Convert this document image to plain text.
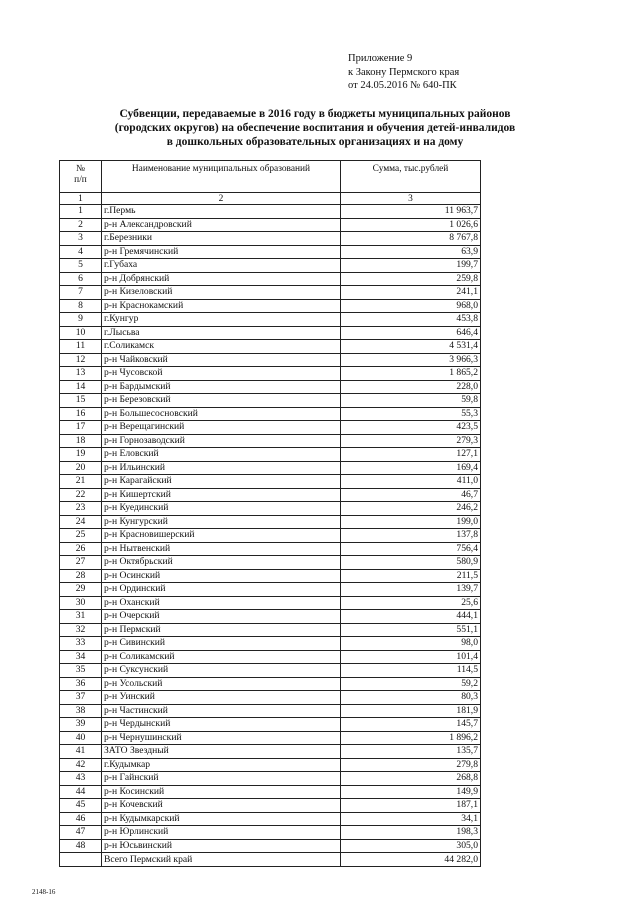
Приложение 9
к Закону Пермского края
от 24.05.2016 № 640-ПК
Субвенции, передаваемые в 2016 году в бюджеты муниципальных районов
(городских округов) на обеспечение воспитания и обучения детей-инвалидов
в дошкольных образовательных организациях и на дому
№
п/п	Наименование муниципальных образований	Сумма, тыс.рублей
1	2	3
1	г.Пермь	11 963,7
2	р-н Александровский	1 026,6
3	г.Березники	8 767,8
4	р-н Гремячинский	63,9
5	г.Губаха	199,7
6	р-н Добрянский	259,8
7	р-н Кизеловский	241,1
8	р-н Краснокамский	968,0
9	г.Кунгур	453,8
10	г.Лысьва	646,4
11	г.Соликамск	4 531,4
12	р-н Чайковский	3 966,3
13	р-н Чусовской	1 865,2
14	р-н Бардымский	228,0
15	р-н Березовский	59,8
16	р-н Большесосновский	55,3
17	р-н Верещагинский	423,5
18	р-н Горнозаводский	279,3
19	р-н Еловский	127,1
20	р-н Ильинский	169,4
21	р-н Карагайский	411,0
22	р-н Кишертский	46,7
23	р-н Куединский	246,2
24	р-н Кунгурский	199,0
25	р-н Красновишерский	137,8
26	р-н Нытвенский	756,4
27	р-н Октябрьский	580,9
28	р-н Осинский	211,5
29	р-н Ординский	139,7
30	р-н Оханский	25,6
31	р-н Очерский	444,1
32	р-н Пермский	551,1
33	р-н Сивинский	98,0
34	р-н Соликамский	101,4
35	р-н Суксунский	114,5
36	р-н Усольский	59,2
37	р-н Уинский	80,3
38	р-н Частинский	181,9
39	р-н Чердынский	145,7
40	р-н Чернушинский	1 896,2
41	ЗАТО Звездный	135,7
42	г.Кудымкар	279,8
43	р-н Гайнский	268,8
44	р-н Косинский	149,9
45	р-н Кочевский	187,1
46	р-н Кудымкарский	34,1
47	р-н Юрлинский	198,3
48	р-н Юсьвинский	305,0
	Всего Пермский край	44 282,0
2148-16
